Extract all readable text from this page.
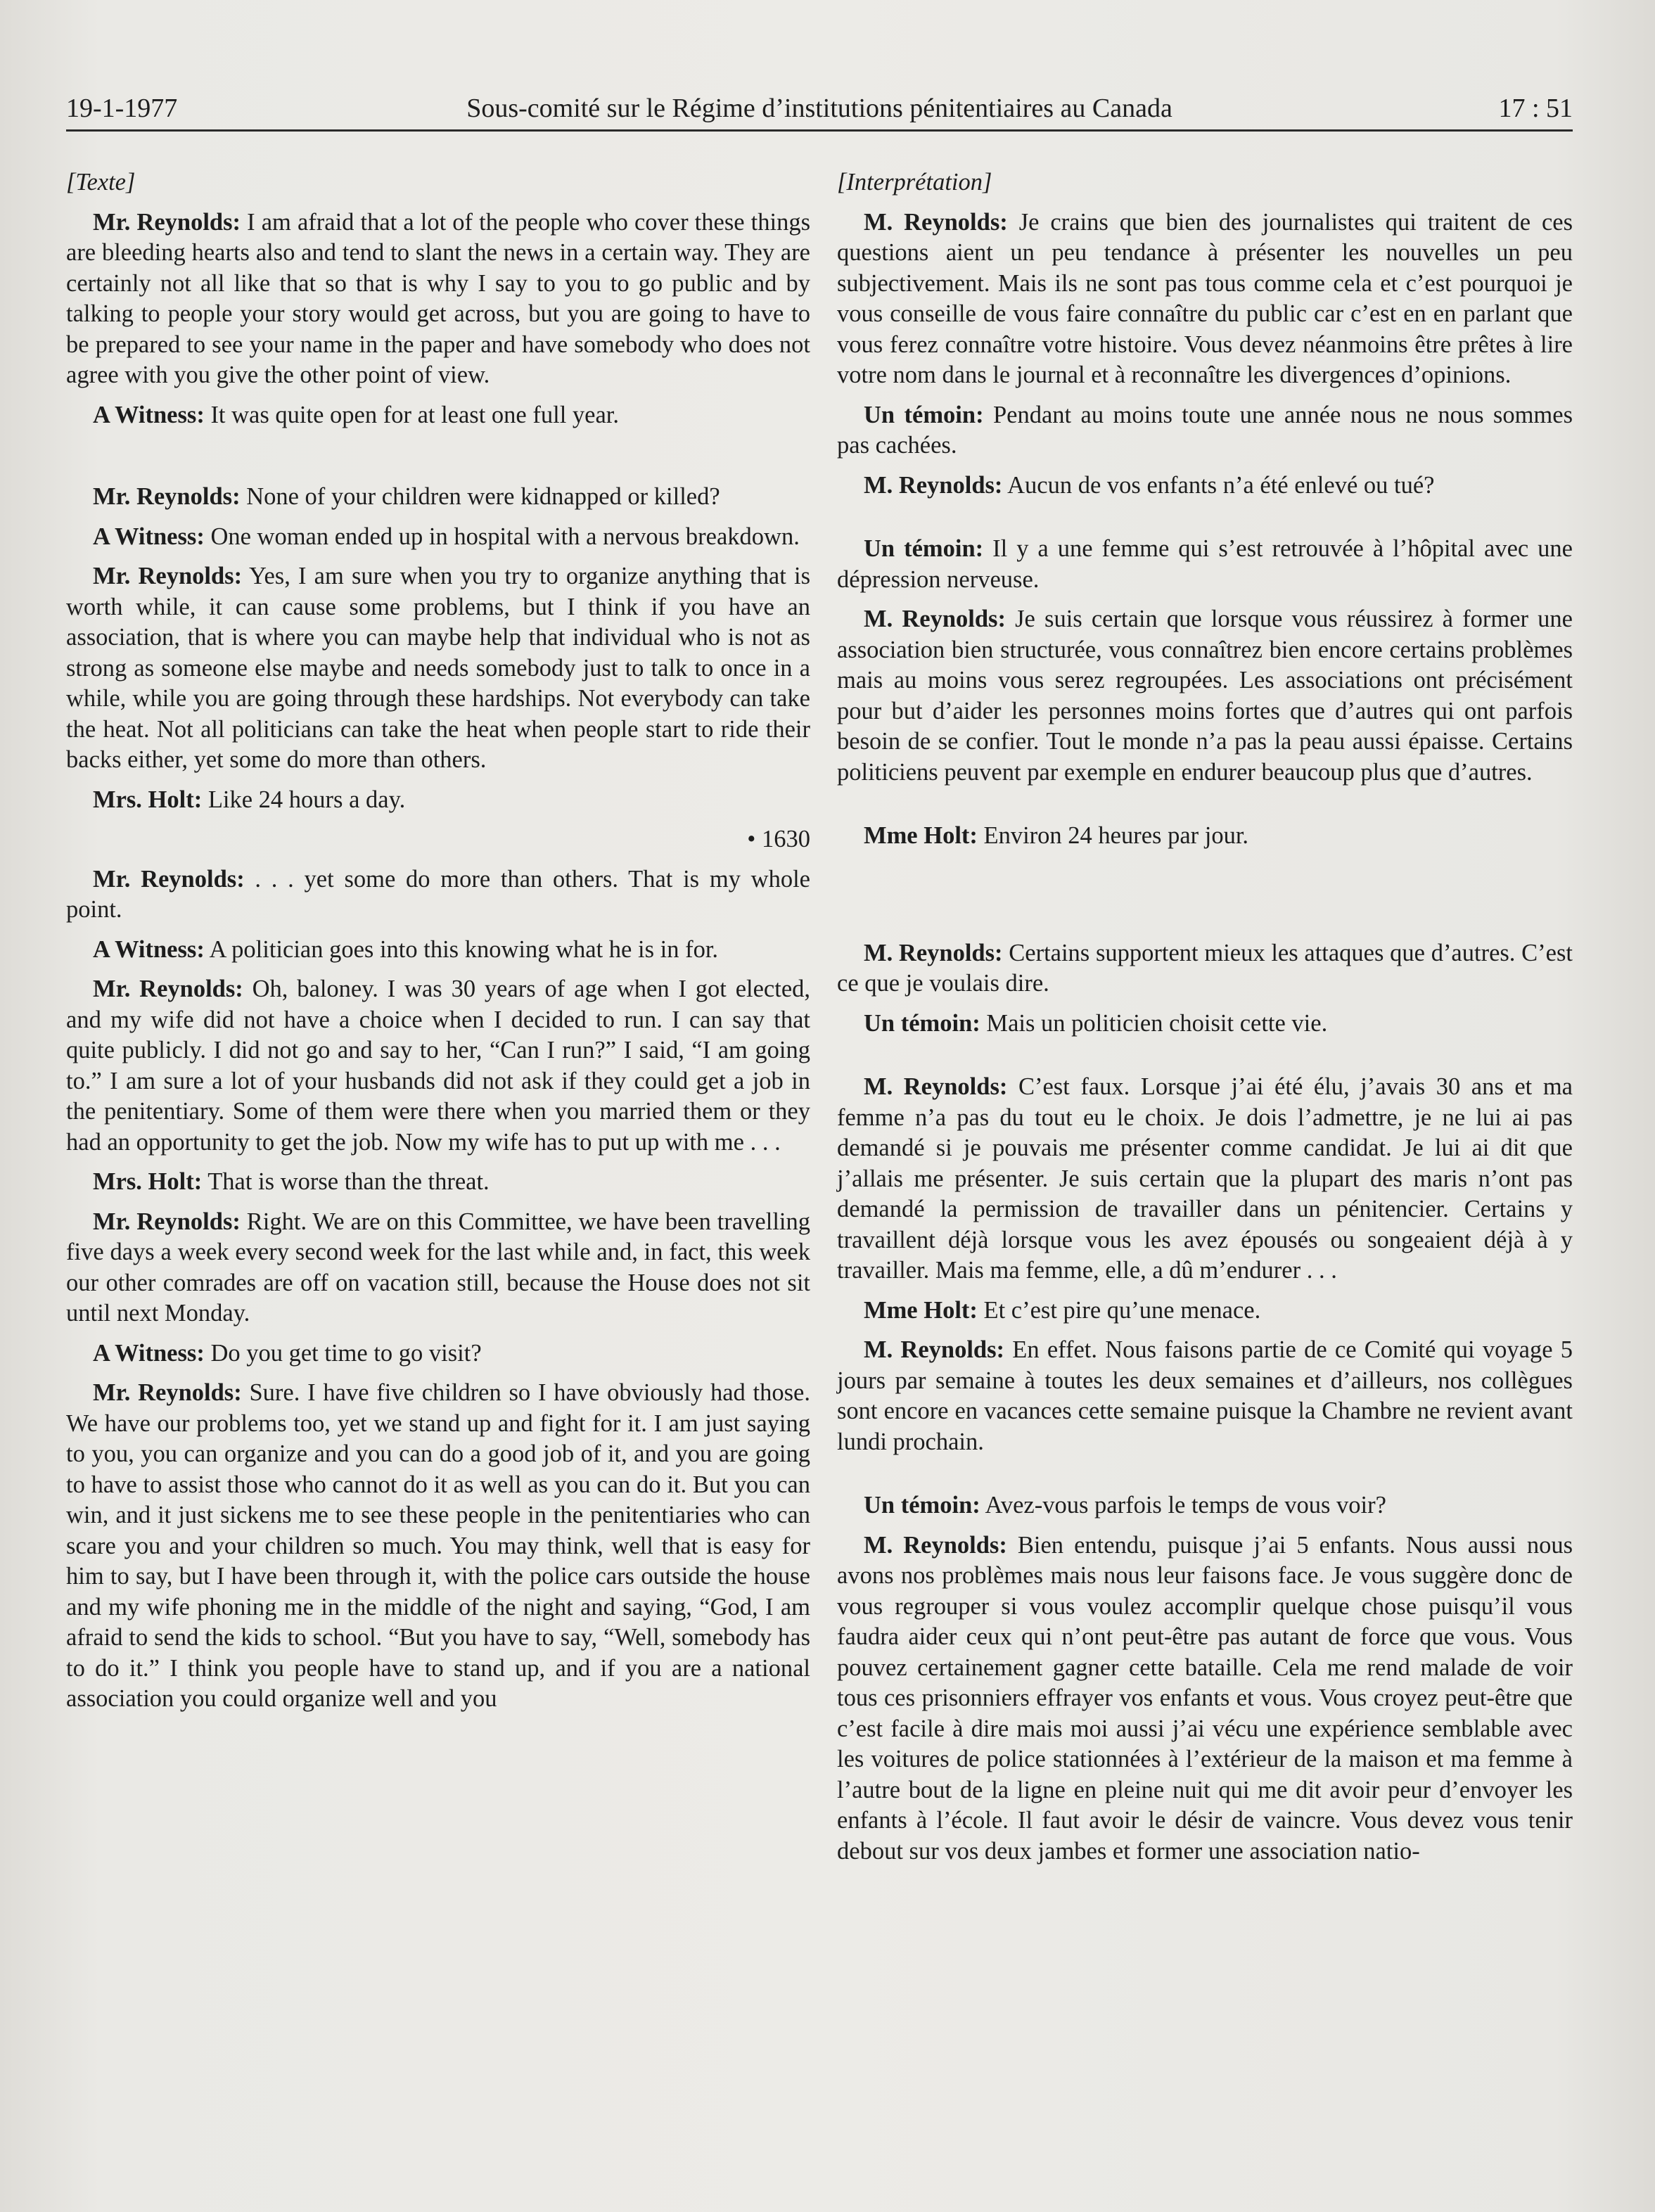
19-1-1977	Sous-comité sur le Régime d’institutions pénitentiaires au Canada	17 : 51

[Texte]

Mr. Reynolds: I am afraid that a lot of the people who cover these things are bleeding hearts also and tend to slant the news in a certain way. They are certainly not all like that so that is why I say to you to go public and by talking to people your story would get across, but you are going to have to be prepared to see your name in the paper and have somebody who does not agree with you give the other point of view.

A Witness: It was quite open for at least one full year.

Mr. Reynolds: None of your children were kidnapped or killed?

A Witness: One woman ended up in hospital with a nervous breakdown.

Mr. Reynolds: Yes, I am sure when you try to organize anything that is worth while, it can cause some problems, but I think if you have an association, that is where you can maybe help that individual who is not as strong as someone else maybe and needs somebody just to talk to once in a while, while you are going through these hardships. Not everybody can take the heat. Not all politicians can take the heat when people start to ride their backs either, yet some do more than others.

Mrs. Holt: Like 24 hours a day.

• 1630

Mr. Reynolds: . . . yet some do more than others. That is my whole point.

A Witness: A politician goes into this knowing what he is in for.

Mr. Reynolds: Oh, baloney. I was 30 years of age when I got elected, and my wife did not have a choice when I decided to run. I can say that quite publicly. I did not go and say to her, “Can I run?” I said, “I am going to.” I am sure a lot of your husbands did not ask if they could get a job in the penitentiary. Some of them were there when you married them or they had an opportunity to get the job. Now my wife has to put up with me . . .

Mrs. Holt: That is worse than the threat.

Mr. Reynolds: Right. We are on this Committee, we have been travelling five days a week every second week for the last while and, in fact, this week our other comrades are off on vacation still, because the House does not sit until next Monday.

A Witness: Do you get time to go visit?

Mr. Reynolds: Sure. I have five children so I have obviously had those. We have our problems too, yet we stand up and fight for it. I am just saying to you, you can organize and you can do a good job of it, and you are going to have to assist those who cannot do it as well as you can do it. But you can win, and it just sickens me to see these people in the penitentiaries who can scare you and your children so much. You may think, well that is easy for him to say, but I have been through it, with the police cars outside the house and my wife phoning me in the middle of the night and saying, “God, I am afraid to send the kids to school. “But you have to say, “Well, somebody has to do it.” I think you people have to stand up, and if you are a national association you could organize well and you

[Interprétation]

M. Reynolds: Je crains que bien des journalistes qui traitent de ces questions aient un peu tendance à présenter les nouvelles un peu subjectivement. Mais ils ne sont pas tous comme cela et c’est pourquoi je vous conseille de vous faire connaître du public car c’est en en parlant que vous ferez connaître votre histoire. Vous devez néanmoins être prêtes à lire votre nom dans le journal et à reconnaître les divergences d’opinions.

Un témoin: Pendant au moins toute une année nous ne nous sommes pas cachées.

M. Reynolds: Aucun de vos enfants n’a été enlevé ou tué?

Un témoin: Il y a une femme qui s’est retrouvée à l’hôpital avec une dépression nerveuse.

M. Reynolds: Je suis certain que lorsque vous réussirez à former une association bien structurée, vous connaîtrez bien encore certains problèmes mais au moins vous serez regroupées. Les associations ont précisément pour but d’aider les personnes moins fortes que d’autres qui ont parfois besoin de se confier. Tout le monde n’a pas la peau aussi épaisse. Certains politiciens peuvent par exemple en endurer beaucoup plus que d’autres.

Mme Holt: Environ 24 heures par jour.

M. Reynolds: Certains supportent mieux les attaques que d’autres. C’est ce que je voulais dire.

Un témoin: Mais un politicien choisit cette vie.

M. Reynolds: C’est faux. Lorsque j’ai été élu, j’avais 30 ans et ma femme n’a pas du tout eu le choix. Je dois l’admettre, je ne lui ai pas demandé si je pouvais me présenter comme candidat. Je lui ai dit que j’allais me présenter. Je suis certain que la plupart des maris n’ont pas demandé la permission de travailler dans un pénitencier. Certains y travaillent déjà lorsque vous les avez épousés ou songeaient déjà à y travailler. Mais ma femme, elle, a dû m’endurer . . .

Mme Holt: Et c’est pire qu’une menace.

M. Reynolds: En effet. Nous faisons partie de ce Comité qui voyage 5 jours par semaine à toutes les deux semaines et d’ailleurs, nos collègues sont encore en vacances cette semaine puisque la Chambre ne revient avant lundi prochain.

Un témoin: Avez-vous parfois le temps de vous voir?

M. Reynolds: Bien entendu, puisque j’ai 5 enfants. Nous aussi nous avons nos problèmes mais nous leur faisons face. Je vous suggère donc de vous regrouper si vous voulez accomplir quelque chose puisqu’il vous faudra aider ceux qui n’ont peut-être pas autant de force que vous. Vous pouvez certainement gagner cette bataille. Cela me rend malade de voir tous ces prisonniers effrayer vos enfants et vous. Vous croyez peut-être que c’est facile à dire mais moi aussi j’ai vécu une expérience semblable avec les voitures de police stationnées à l’extérieur de la maison et ma femme à l’autre bout de la ligne en pleine nuit qui me dit avoir peur d’envoyer les enfants à l’école. Il faut avoir le désir de vaincre. Vous devez vous tenir debout sur vos deux jambes et former une association natio-
